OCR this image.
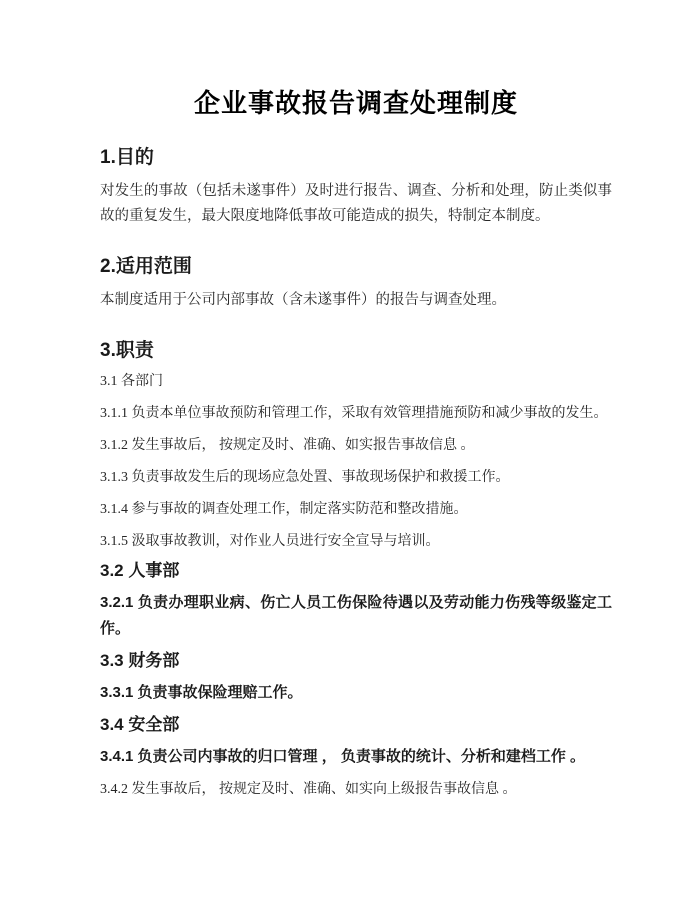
企业事故报告调查处理制度
1.目的

对发生的事故（包括未遂事件）及时进行报告、调查、分析和处理，防止类似事故的重复发生，最大限度地降低事故可能造成的损失，特制定本制度。

2.适用范围

本制度适用于公司内部事故（含未遂事件）的报告与调查处理。

3.职责

3.1 各部门

3.1.1 负责本单位事故预防和管理工作，采取有效管理措施预防和减少事故的发生。

3.1.2 发生事故后， 按规定及时、准确、如实报告事故信息 。

3.1.3 负责事故发生后的现场应急处置、事故现场保护和救援工作。

3.1.4 参与事故的调查处理工作，制定落实防范和整改措施。

3.1.5 汲取事故教训，对作业人员进行安全宣导与培训。

3.2 人事部

3.2.1 负责办理职业病、伤亡人员工伤保险待遇以及劳动能力伤残等级鉴定工作。

3.3 财务部

3.3.1 负责事故保险理赔工作。

3.4 安全部

3.4.1 负责公司内事故的归口管理 ， 负责事故的统计、分析和建档工作 。

3.4.2 发生事故后， 按规定及时、准确、如实向上级报告事故信息 。
